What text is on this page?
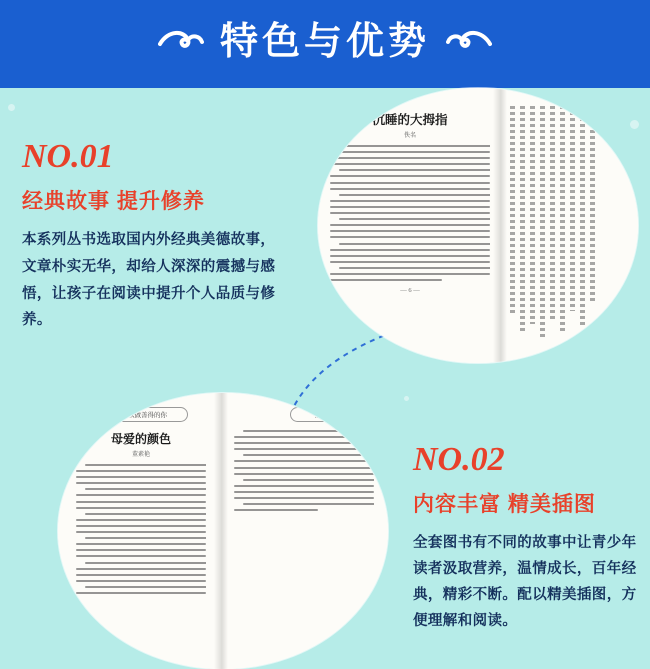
特色与优势
沉睡的大拇指
佚名
— 6 —
你可以做善得的你
母爱的颜色
董素艳
感悟美好
NO.01
经典故事 提升修养
本系列丛书选取国内外经典美德故事，文章朴实无华，却给人深深的震撼与感悟，让孩子在阅读中提升个人品质与修养。
NO.02
内容丰富 精美插图
全套图书有不同的故事中让青少年读者汲取营养，温情成长，百年经典，精彩不断。配以精美插图，方便理解和阅读。
